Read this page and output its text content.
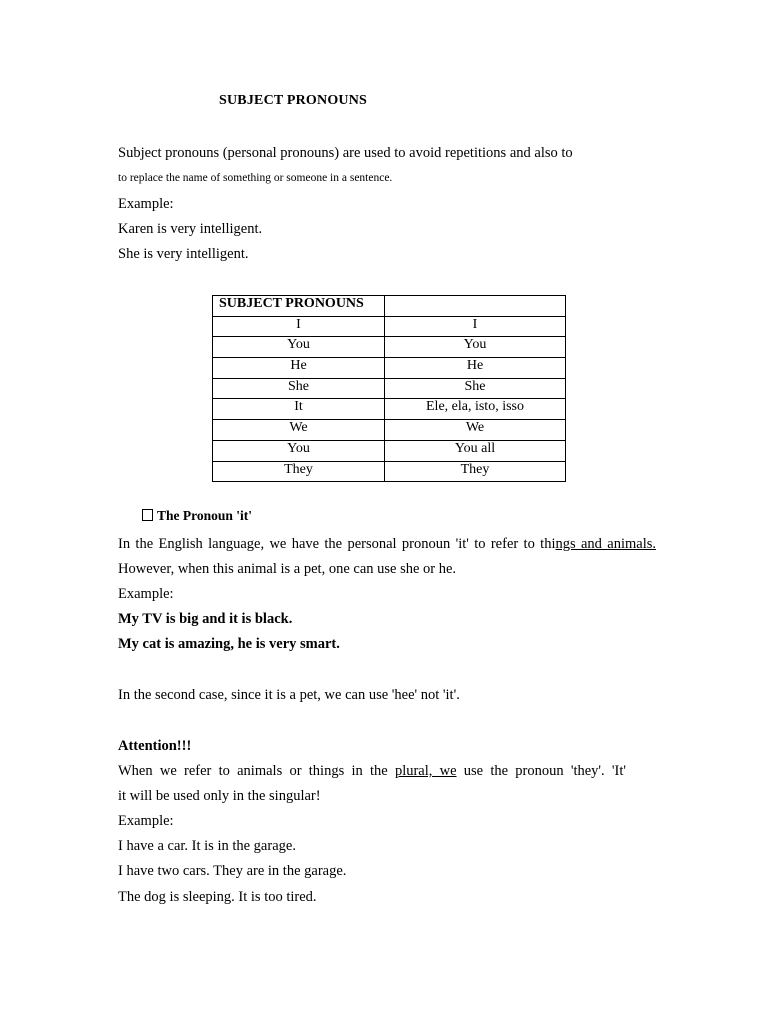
SUBJECT PRONOUNS
Subject pronouns (personal pronouns) are used to avoid repetitions and also to
to replace the name of something or someone in a sentence.
Example:
Karen is very intelligent.
She is very intelligent.
SUBJECT PRONOUNS	
I	I
You	You
He	He
She	She
It	Ele, ela, isto, isso
We	We
You	You all
They	They
The Pronoun 'it'
In the English language, we have the personal pronoun 'it' to refer to things and animals.
However, when this animal is a pet, one can use she or he.
Example:
My TV is big and it is black.
My cat is amazing, he is very smart.
In the second case, since it is a pet, we can use 'hee' not 'it'.
Attention!!!
When we refer to animals or things in the plural, we use the pronoun 'they'. 'It'
it will be used only in the singular!
Example:
I have a car. It is in the garage.
I have two cars. They are in the garage.
The dog is sleeping. It is too tired.
